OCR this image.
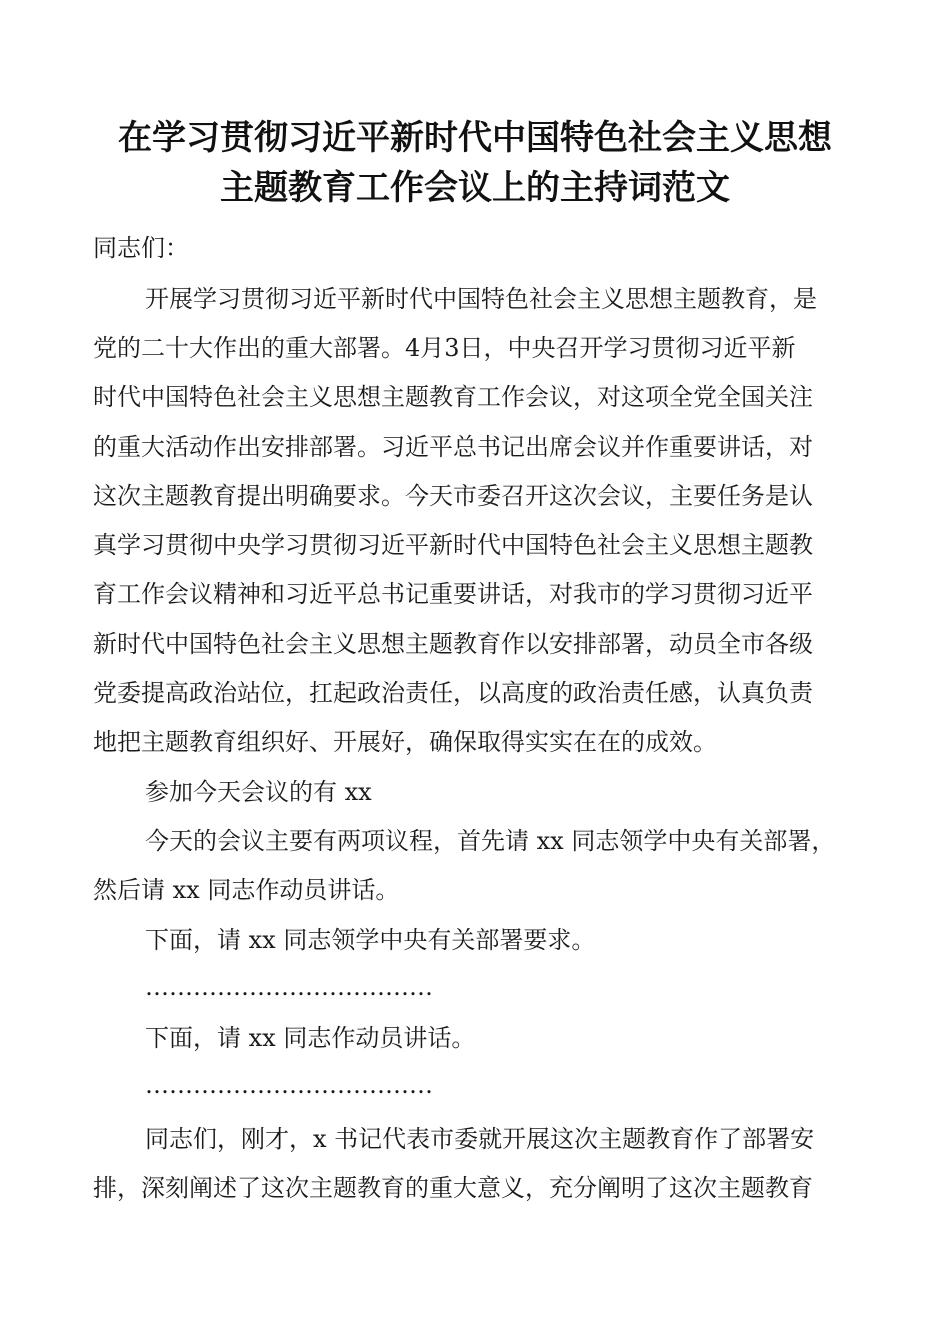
在学习贯彻习近平新时代中国特色社会主义思想
主题教育工作会议上的主持词范文
同志们：
开展学习贯彻习近平新时代中国特色社会主义思想主题教育，是
党的二十大作出的重大部署。4月3日，中央召开学习贯彻习近平新
时代中国特色社会主义思想主题教育工作会议，对这项全党全国关注
的重大活动作出安排部署。习近平总书记出席会议并作重要讲话，对
这次主题教育提出明确要求。今天市委召开这次会议，主要任务是认
真学习贯彻中央学习贯彻习近平新时代中国特色社会主义思想主题教
育工作会议精神和习近平总书记重要讲话，对我市的学习贯彻习近平
新时代中国特色社会主义思想主题教育作以安排部署，动员全市各级
党委提高政治站位，扛起政治责任，以高度的政治责任感，认真负责
地把主题教育组织好、开展好，确保取得实实在在的成效。
参加今天会议的有 xx
今天的会议主要有两项议程，首先请 xx 同志领学中央有关部署，
然后请 xx 同志作动员讲话。
下面，请 xx 同志领学中央有关部署要求。
………………………………
下面，请 xx 同志作动员讲话。
………………………………
同志们，刚才，x 书记代表市委就开展这次主题教育作了部署安
排，深刻阐述了这次主题教育的重大意义，充分阐明了这次主题教育
